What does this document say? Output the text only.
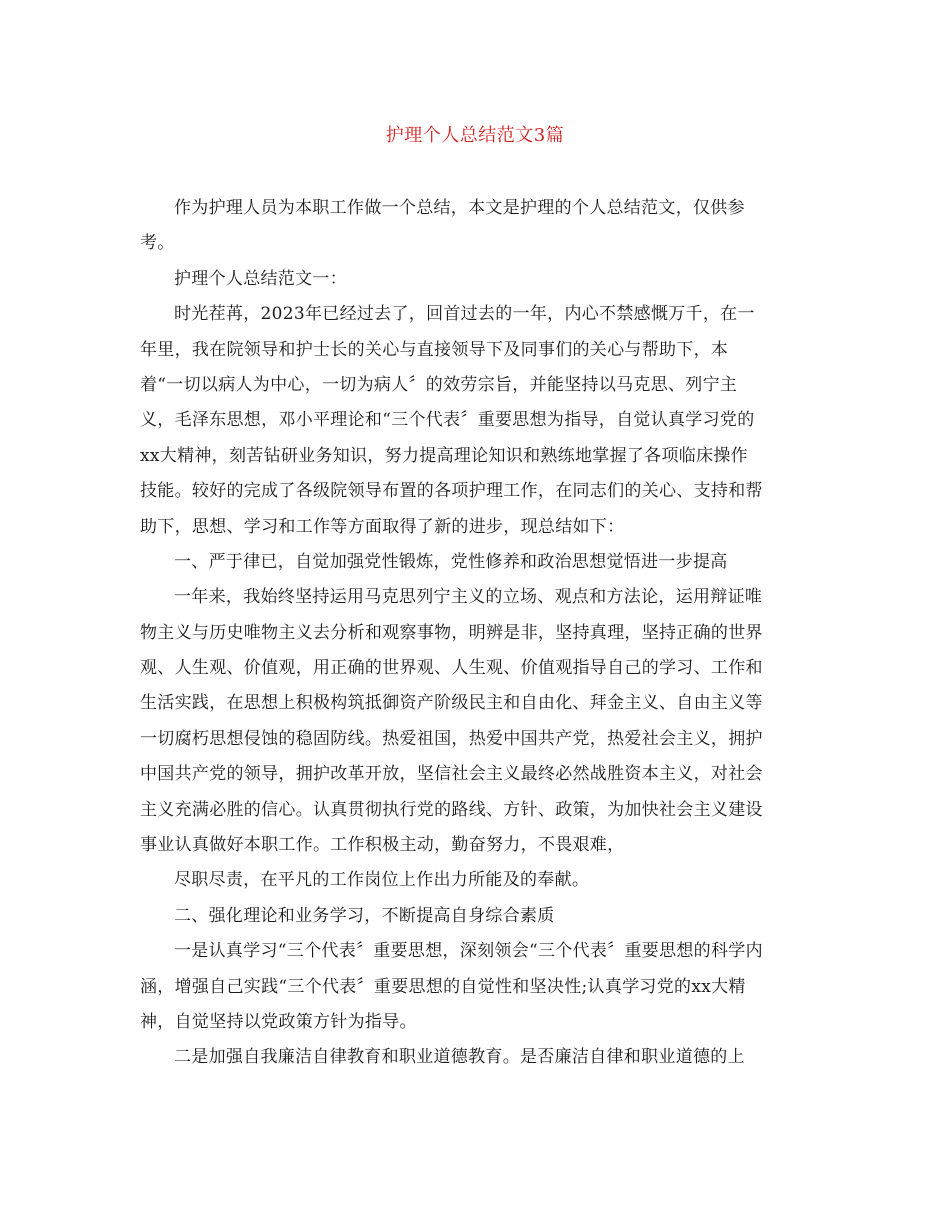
护理个人总结范文3篇
作为护理人员为本职工作做一个总结，本文是护理的个人总结范文，仅供参
考。
护理个人总结范文一：
时光茬苒，2023年已经过去了，回首过去的一年，内心不禁感慨万千，在一
年里，我在院领导和护士长的关心与直接领导下及同事们的关心与帮助下，本
着“一切以病人为中心，一切为病人〞的效劳宗旨，并能坚持以马克思、列宁主
义，毛泽东思想，邓小平理论和“三个代表〞重要思想为指导，自觉认真学习党的
xx大精神，刻苦钻研业务知识，努力提高理论知识和熟练地掌握了各项临床操作
技能。较好的完成了各级院领导布置的各项护理工作，在同志们的关心、支持和帮
助下，思想、学习和工作等方面取得了新的进步，现总结如下：
一、严于律已，自觉加强党性锻炼，党性修养和政治思想觉悟进一步提高
一年来，我始终坚持运用马克思列宁主义的立场、观点和方法论，运用辩证唯
物主义与历史唯物主义去分析和观察事物，明辨是非，坚持真理，坚持正确的世界
观、人生观、价值观，用正确的世界观、人生观、价值观指导自己的学习、工作和
生活实践，在思想上积极构筑抵御资产阶级民主和自由化、拜金主义、自由主义等
一切腐朽思想侵蚀的稳固防线。热爱祖国，热爱中国共产党，热爱社会主义，拥护
中国共产党的领导，拥护改革开放，坚信社会主义最终必然战胜资本主义，对社会
主义充满必胜的信心。认真贯彻执行党的路线、方针、政策，为加快社会主义建设
事业认真做好本职工作。工作积极主动，勤奋努力，不畏艰难，
尽职尽责，在平凡的工作岗位上作出力所能及的奉献。
二、强化理论和业务学习，不断提高自身综合素质
一是认真学习“三个代表〞重要思想，深刻领会“三个代表〞重要思想的科学内
涵，增强自己实践“三个代表〞重要思想的自觉性和坚决性;认真学习党的xx大精
神，自觉坚持以党政策方针为指导。
二是加强自我廉洁自律教育和职业道德教育。是否廉洁自律和职业道德的上
